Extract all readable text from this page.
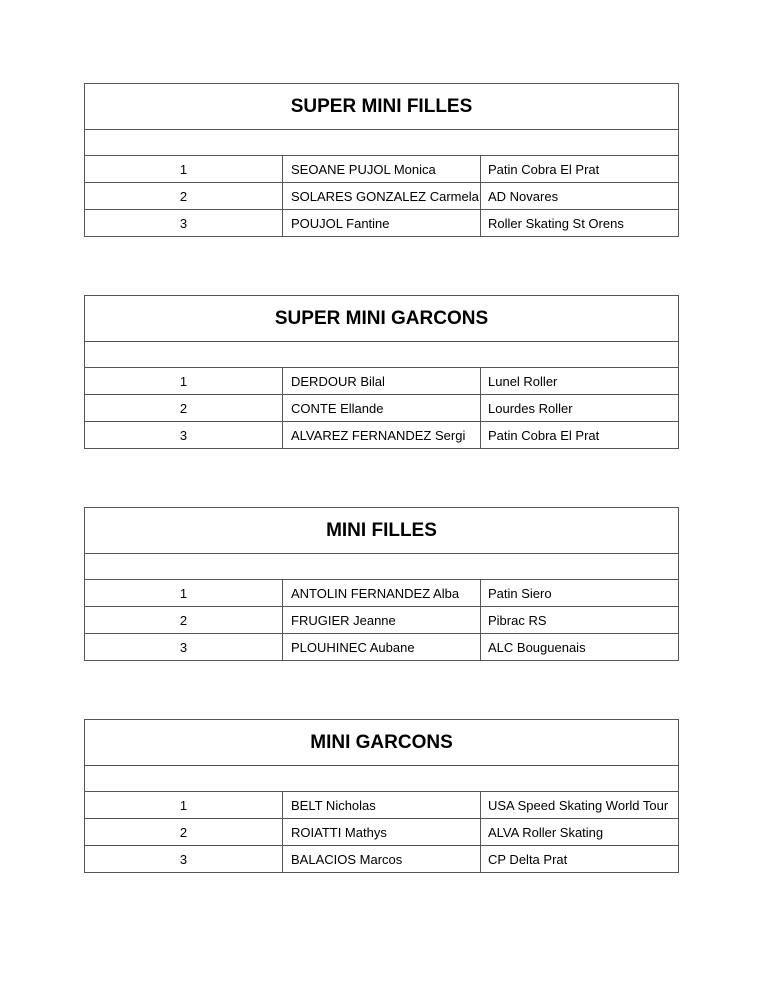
SUPER MINI FILLES		

1	SEOANE PUJOL Monica	Patin Cobra El Prat
2	SOLARES GONZALEZ Carmela	AD Novares
3	POUJOL Fantine	Roller Skating St Orens
SUPER MINI GARCONS		

1	DERDOUR Bilal	Lunel Roller
2	CONTE Ellande	Lourdes Roller
3	ALVAREZ FERNANDEZ Sergi	Patin Cobra El Prat
MINI FILLES		

1	ANTOLIN FERNANDEZ Alba	Patin Siero
2	FRUGIER Jeanne	Pibrac RS
3	PLOUHINEC Aubane	ALC Bouguenais
MINI GARCONS		

1	BELT Nicholas	USA Speed Skating World Tour
2	ROIATTI Mathys	ALVA Roller Skating
3	BALACIOS Marcos	CP Delta Prat
